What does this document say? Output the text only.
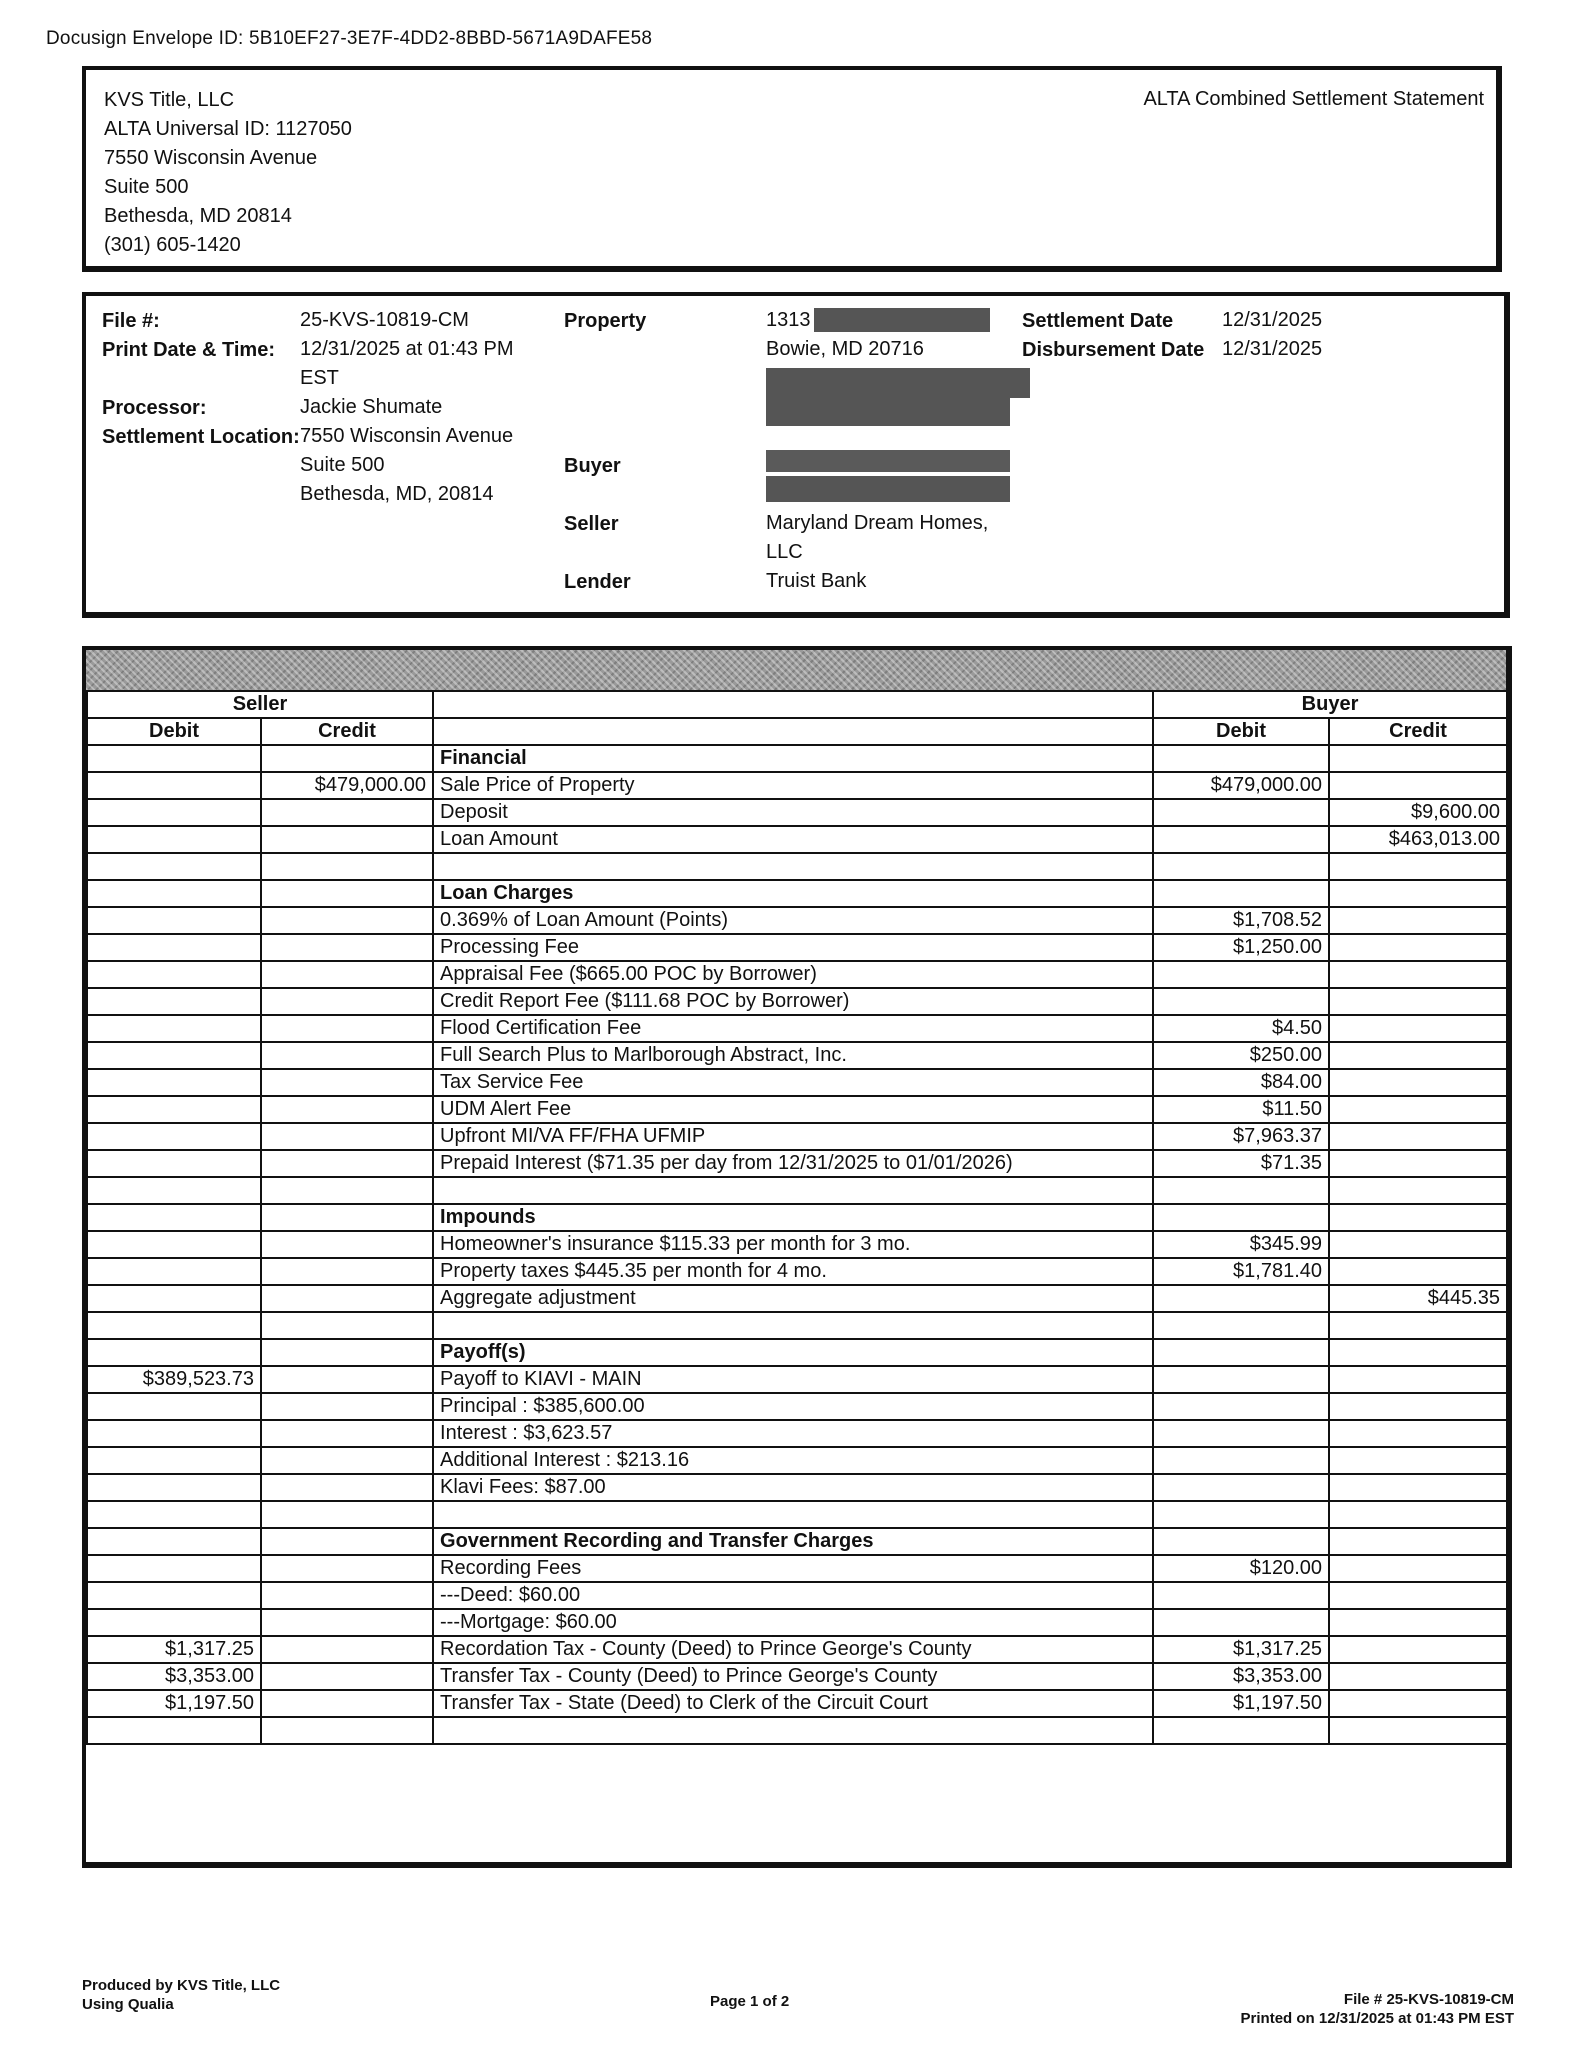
Docusign Envelope ID: 5B10EF27-3E7F-4DD2-8BBD-5671A9DAFE58
KVS Title, LLC
ALTA Universal ID: 1127050
7550 Wisconsin Avenue
Suite 500
Bethesda, MD 20814
(301) 605-1420
ALTA Combined Settlement Statement
File #:	25-KVS-10819-CM
Print Date & Time: 12/31/2025 at 01:43 PM
EST
Processor:	Jackie Shumate
Settlement Location: 7550 Wisconsin Avenue
Suite 500
Bethesda, MD, 20814
Property	1313
Bowie, MD 20716
Buyer
Seller	Maryland Dream Homes,
LLC
Lender	Truist Bank
Settlement Date 12/31/2025
Disbursement Date 12/31/2025
Seller			Buyer	
Debit	Credit		Debit	Credit
		Financial		
	$479,000.00	Sale Price of Property	$479,000.00	
		Deposit		$9,600.00
		Loan Amount		$463,013.00

		Loan Charges		
		0.369% of Loan Amount (Points)	$1,708.52	
		Processing Fee	$1,250.00	
		Appraisal Fee ($665.00 POC by Borrower)		
		Credit Report Fee ($111.68 POC by Borrower)		
		Flood Certification Fee	$4.50	
		Full Search Plus to Marlborough Abstract, Inc.	$250.00	
		Tax Service Fee	$84.00	
		UDM Alert Fee	$11.50	
		Upfront MI/VA FF/FHA UFMIP	$7,963.37	
		Prepaid Interest ($71.35 per day from 12/31/2025 to 01/01/2026)	$71.35	

		Impounds		
		Homeowner's insurance $115.33 per month for 3 mo.	$345.99	
		Property taxes $445.35 per month for 4 mo.	$1,781.40	
		Aggregate adjustment		$445.35

		Payoff(s)		
$389,523.73		Payoff to KIAVI - MAIN		
		Principal : $385,600.00		
		Interest : $3,623.57		
		Additional Interest : $213.16		
		Klavi Fees: $87.00		

		Government Recording and Transfer Charges		
		Recording Fees	$120.00	
		---Deed: $60.00		
		---Mortgage: $60.00		
$1,317.25		Recordation Tax - County (Deed) to Prince George's County	$1,317.25	
$3,353.00		Transfer Tax - County (Deed) to Prince George's County	$3,353.00	
$1,197.50		Transfer Tax - State (Deed) to Clerk of the Circuit Court	$1,197.50	

Produced by KVS Title, LLC
Using Qualia	Page 1 of 2	File # 25-KVS-10819-CM
Printed on 12/31/2025 at 01:43 PM EST
